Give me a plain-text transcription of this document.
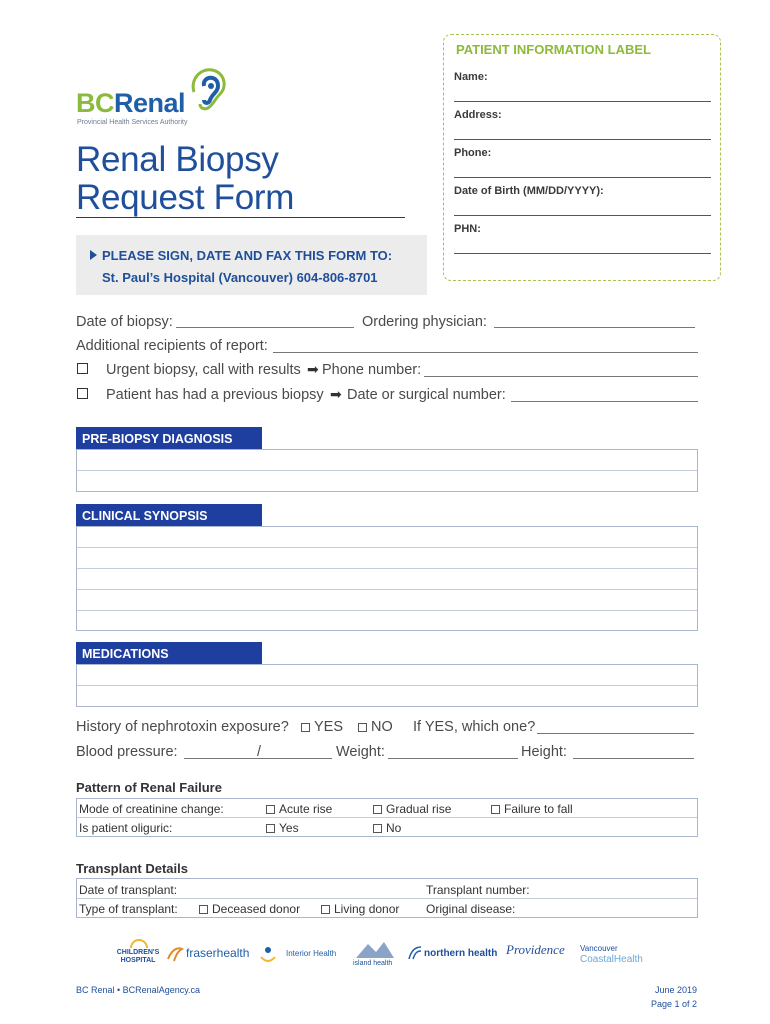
BCRenal
Provincial Health Services Authority
Renal Biopsy
Request Form
PLEASE SIGN, DATE AND FAX THIS FORM TO:
St. Paul’s Hospital (Vancouver) 604-806-8701
PATIENT INFORMATION LABEL
Name:
Address:
Phone:
Date of Birth (MM/DD/YYYY):
PHN:
Date of biopsy:	Ordering physician:
Additional recipients of report:
Urgent biopsy, call with results ➡ Phone number:
Patient has had a previous biopsy ➡ Date or surgical number:
PRE-BIOPSY DIAGNOSIS
CLINICAL SYNOPSIS
MEDICATIONS
History of nephrotoxin exposure?	YES	NO If YES, which one?
Blood pressure:	/	Weight:	Height:
Pattern of Renal Failure
Mode of creatinine change:	Acute rise	Gradual rise	Failure to fall
Is patient oliguric:	Yes	No
Transplant Details
Date of transplant:	Transplant number:
Type of transplant:	Deceased donor	Living donor Original disease:
CHILDREN'S HOSPITAL
fraserhealth	Interior Health
island health
northern health Providence Vancouver
CoastalHealth
BC Renal • BCRenalAgency.ca	June 2019
Page 1 of 2
